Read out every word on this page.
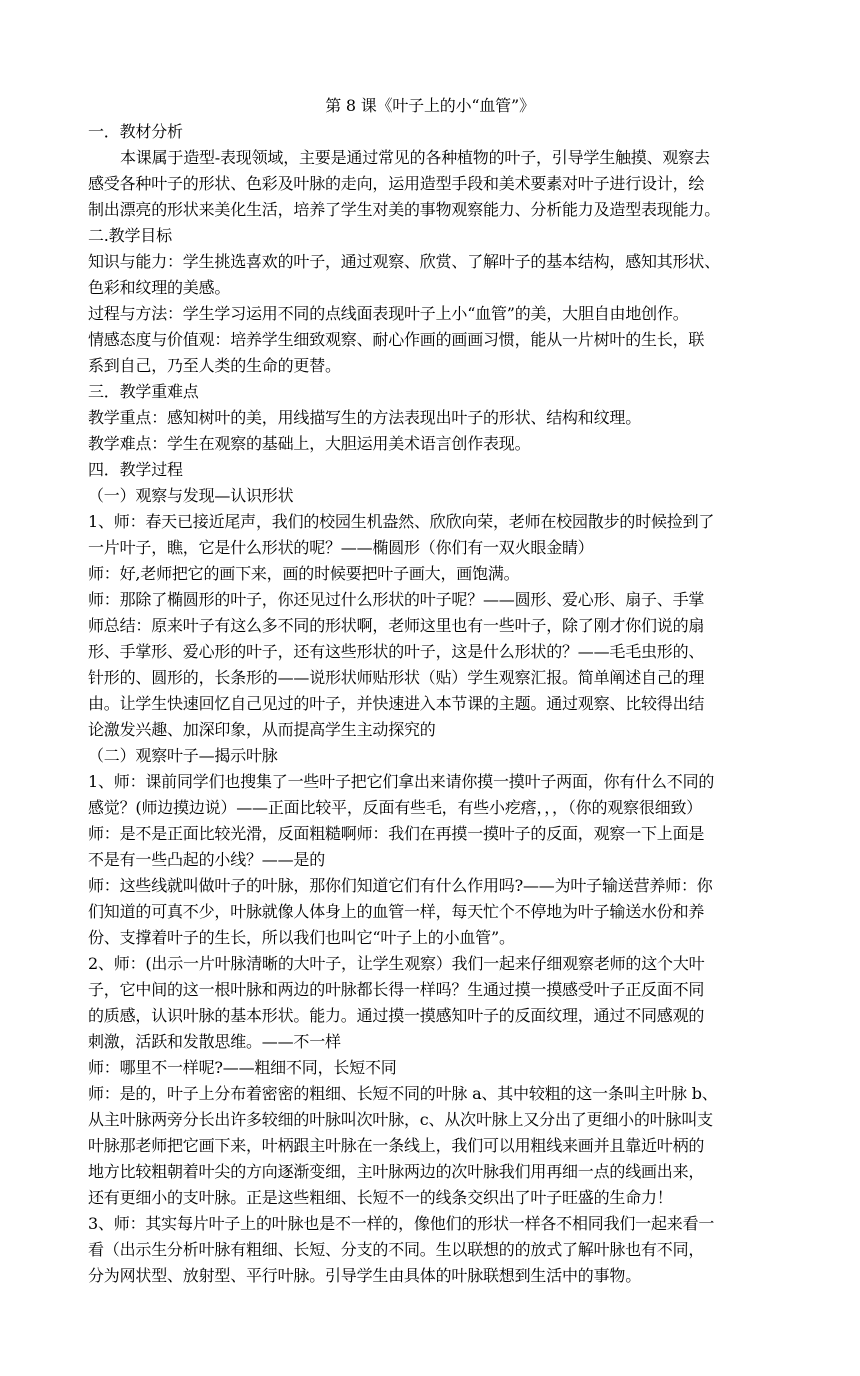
第 8 课《叶子上的小“血管”》
一．教材分析
本课属于造型-表现领域，主要是通过常见的各种植物的叶子，引导学生触摸、观察去
感受各种叶子的形状、色彩及叶脉的走向，运用造型手段和美术要素对叶子进行设计，绘
制出漂亮的形状来美化生活，培养了学生对美的事物观察能力、分析能力及造型表现能力。
二.教学目标
知识与能力：学生挑选喜欢的叶子，通过观察、欣赏、了解叶子的基本结构，感知其形状、
色彩和纹理的美感。
过程与方法：学生学习运用不同的点线面表现叶子上小“血管”的美，大胆自由地创作。
情感态度与价值观：培养学生细致观察、耐心作画的画画习惯，能从一片树叶的生长，联
系到自己，乃至人类的生命的更替。
三．教学重难点
教学重点：感知树叶的美，用线描写生的方法表现出叶子的形状、结构和纹理。
教学难点：学生在观察的基础上，大胆运用美术语言创作表现。
四．教学过程
（一）观察与发现—认识形状
1、师：春天已接近尾声，我们的校园生机盎然、欣欣向荣，老师在校园散步的时候捡到了
一片叶子，瞧，它是什么形状的呢？——椭圆形（你们有一双火眼金睛）
师：好,老师把它的画下来，画的时候要把叶子画大，画饱满。
师：那除了椭圆形的叶子，你还见过什么形状的叶子呢？——圆形、爱心形、扇子、手掌
师总结：原来叶子有这么多不同的形状啊，老师这里也有一些叶子，除了刚才你们说的扇
形、手掌形、爱心形的叶子，还有这些形状的叶子，这是什么形状的？——毛毛虫形的、
针形的、圆形的，长条形的——说形状师贴形状（贴）学生观察汇报。简单阐述自己的理
由。让学生快速回忆自己见过的叶子，并快速进入本节课的主题。通过观察、比较得出结
论激发兴趣、加深印象，从而提高学生主动探究的
（二）观察叶子—揭示叶脉
1、师：课前同学们也搜集了一些叶子把它们拿出来请你摸一摸叶子两面，你有什么不同的
感觉？(师边摸边说）——正面比较平，反面有些毛，有些小疙瘩，，，（你的观察很细致）
师：是不是正面比较光滑，反面粗糙啊师：我们在再摸一摸叶子的反面，观察一下上面是
不是有一些凸起的小线？——是的
师：这些线就叫做叶子的叶脉，那你们知道它们有什么作用吗?——为叶子输送营养师：你
们知道的可真不少，叶脉就像人体身上的血管一样，每天忙个不停地为叶子输送水份和养
份、支撑着叶子的生长，所以我们也叫它“叶子上的小血管”。
2、师：(出示一片叶脉清晰的大叶子，让学生观察）我们一起来仔细观察老师的这个大叶
子，它中间的这一根叶脉和两边的叶脉都长得一样吗？生通过摸一摸感受叶子正反面不同
的质感，认识叶脉的基本形状。能力。通过摸一摸感知叶子的反面纹理，通过不同感观的
刺激，活跃和发散思维。——不一样
师：哪里不一样呢?——粗细不同，长短不同
师：是的，叶子上分布着密密的粗细、长短不同的叶脉 a、其中较粗的这一条叫主叶脉 b、
从主叶脉两旁分长出许多较细的叶脉叫次叶脉，c、从次叶脉上又分出了更细小的叶脉叫支
叶脉那老师把它画下来，叶柄跟主叶脉在一条线上，我们可以用粗线来画并且靠近叶柄的
地方比较粗朝着叶尖的方向逐渐变细，主叶脉两边的次叶脉我们用再细一点的线画出来，
还有更细小的支叶脉。正是这些粗细、长短不一的线条交织出了叶子旺盛的生命力！
3、师：其实每片叶子上的叶脉也是不一样的，像他们的形状一样各不相同我们一起来看一
看（出示生分析叶脉有粗细、长短、分支的不同。生以联想的的放式了解叶脉也有不同，
分为网状型、放射型、平行叶脉。引导学生由具体的叶脉联想到生活中的事物。
